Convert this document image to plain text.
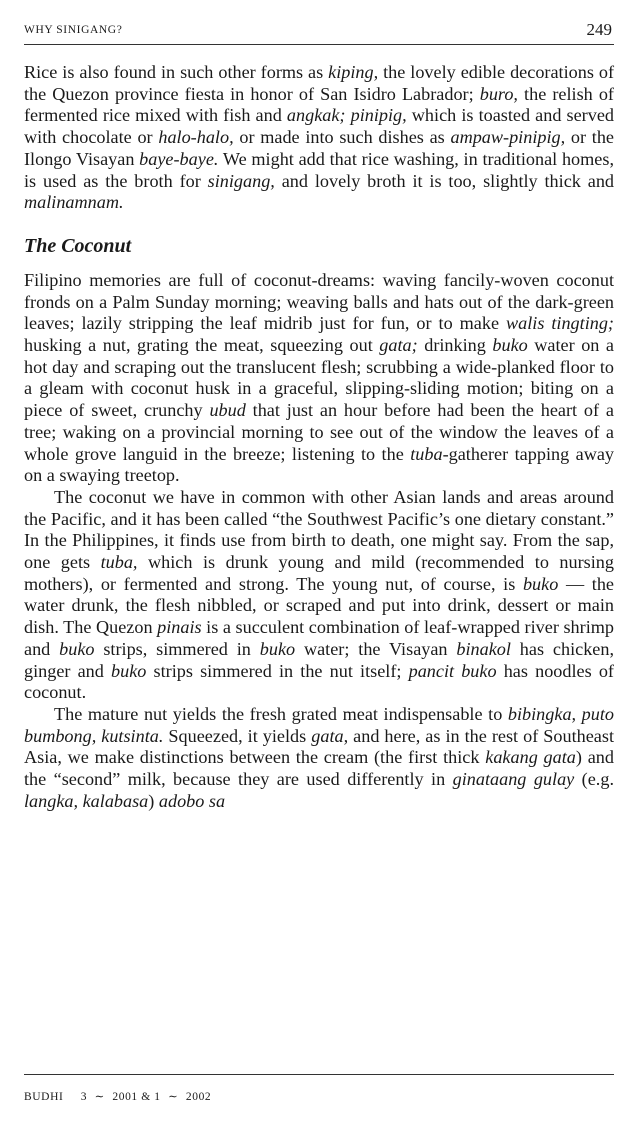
WHY SINIGANG?	249

Rice is also found in such other forms as kiping, the lovely edible decorations of the Quezon province fiesta in honor of San Isidro Labrador; buro, the relish of fermented rice mixed with fish and angkak; pinipig, which is toasted and served with chocolate or halo-halo, or made into such dishes as ampaw-pinipig, or the Ilongo Visayan baye-baye. We might add that rice washing, in traditional homes, is used as the broth for sinigang, and lovely broth it is too, slightly thick and malinamnam.

The Coconut

Filipino memories are full of coconut-dreams: waving fancily-woven coconut fronds on a Palm Sunday morning; weaving balls and hats out of the dark-green leaves; lazily stripping the leaf midrib just for fun, or to make walis tingting; husking a nut, grating the meat, squeezing out gata; drinking buko water on a hot day and scraping out the translucent flesh; scrubbing a wide-planked floor to a gleam with coconut husk in a graceful, slipping-sliding motion; biting on a piece of sweet, crunchy ubud that just an hour before had been the heart of a tree; waking on a provincial morning to see out of the window the leaves of a whole grove languid in the breeze; listening to the tuba-gatherer tapping away on a swaying treetop.

The coconut we have in common with other Asian lands and areas around the Pacific, and it has been called “the Southwest Pacific’s one dietary constant.” In the Philippines, it finds use from birth to death, one might say. From the sap, one gets tuba, which is drunk young and mild (recommended to nursing mothers), or fermented and strong. The young nut, of course, is buko — the water drunk, the flesh nibbled, or scraped and put into drink, dessert or main dish. The Quezon pinais is a succulent combination of leaf-wrapped river shrimp and buko strips, simmered in buko water; the Visayan binakol has chicken, ginger and buko strips simmered in the nut itself; pancit buko has noodles of coconut.

The mature nut yields the fresh grated meat indispensable to bibingka, puto bumbong, kutsinta. Squeezed, it yields gata, and here, as in the rest of Southeast Asia, we make distinctions between the cream (the first thick kakang gata) and the “second” milk, because they are used differently in ginataang gulay (e.g. langka, kalabasa) adobo sa

BUDHI 3 ∼ 2001 & 1 ∼ 2002
